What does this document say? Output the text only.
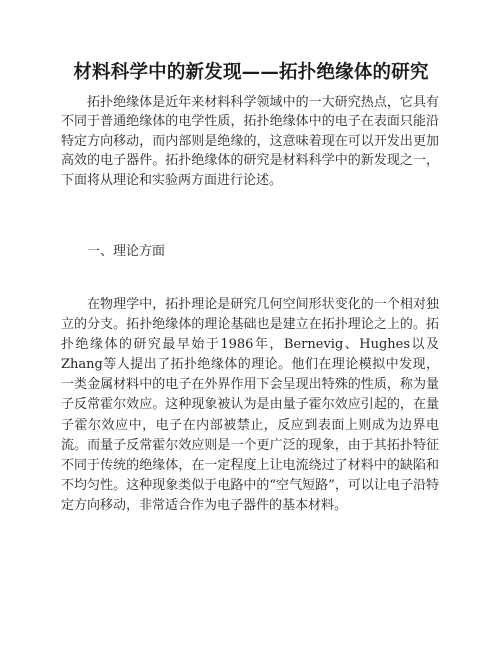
材料科学中的新发现——拓扑绝缘体的研究

拓扑绝缘体是近年来材料科学领域中的一大研究热点，它具有不同于普通绝缘体的电学性质，拓扑绝缘体中的电子在表面只能沿特定方向移动，而内部则是绝缘的，这意味着现在可以开发出更加高效的电子器件。拓扑绝缘体的研究是材料科学中的新发现之一，下面将从理论和实验两方面进行论述。

一、理论方面

在物理学中，拓扑理论是研究几何空间形状变化的一个相对独立的分支。拓扑绝缘体的理论基础也是建立在拓扑理论之上的。拓扑绝缘体的研究最早始于1986年，Bernevig、Hughes以及Zhang等人提出了拓扑绝缘体的理论。他们在理论模拟中发现，一类金属材料中的电子在外界作用下会呈现出特殊的性质，称为量子反常霍尔效应。这种现象被认为是由量子霍尔效应引起的，在量子霍尔效应中，电子在内部被禁止，反应到表面上则成为边界电流。而量子反常霍尔效应则是一个更广泛的现象，由于其拓扑特征不同于传统的绝缘体，在一定程度上让电流绕过了材料中的缺陷和不均匀性。这种现象类似于电路中的“空气短路”，可以让电子沿特定方向移动，非常适合作为电子器件的基本材料。
